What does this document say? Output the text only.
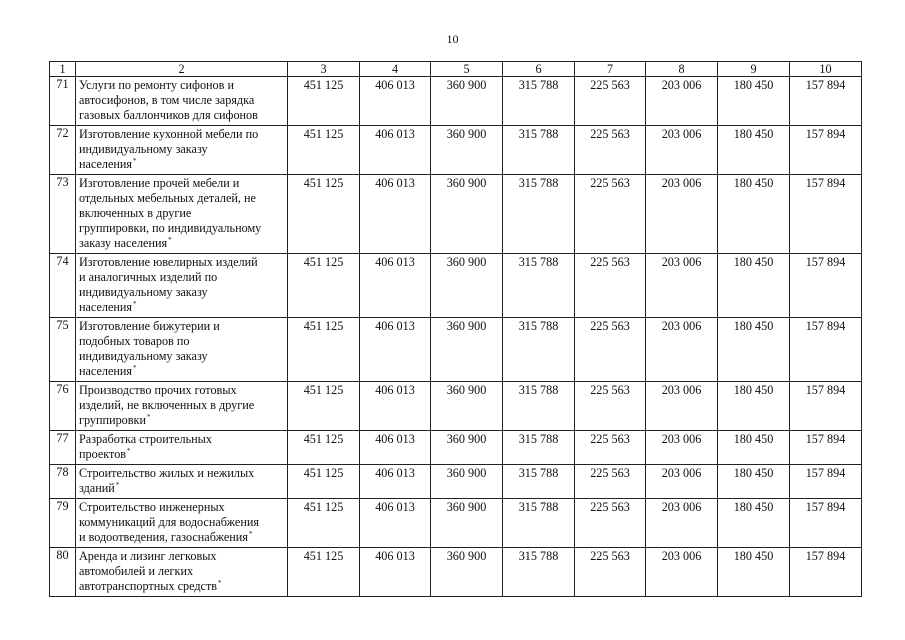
10
1	2	3	4	5	6	7	8	9	10
71	Услуги по ремонту сифонов и
автосифонов, в том числе зарядка
газовых баллончиков для сифонов	451 125	406 013	360 900	315 788	225 563	203 006	180 450	157 894
72	Изготовление кухонной мебели по
индивидуальному заказу
населения*	451 125	406 013	360 900	315 788	225 563	203 006	180 450	157 894
73	Изготовление прочей мебели и
отдельных мебельных деталей, не
включенных в другие
группировки, по индивидуальному
заказу населения*	451 125	406 013	360 900	315 788	225 563	203 006	180 450	157 894
74	Изготовление ювелирных изделий
и аналогичных изделий по
индивидуальному заказу
населения*	451 125	406 013	360 900	315 788	225 563	203 006	180 450	157 894
75	Изготовление бижутерии и
подобных товаров по
индивидуальному заказу
населения*	451 125	406 013	360 900	315 788	225 563	203 006	180 450	157 894
76	Производство прочих готовых
изделий, не включенных в другие
группировки*	451 125	406 013	360 900	315 788	225 563	203 006	180 450	157 894
77	Разработка строительных
проектов*	451 125	406 013	360 900	315 788	225 563	203 006	180 450	157 894
78	Строительство жилых и нежилых
зданий*	451 125	406 013	360 900	315 788	225 563	203 006	180 450	157 894
79	Строительство инженерных
коммуникаций для водоснабжения
и водоотведения, газоснабжения*	451 125	406 013	360 900	315 788	225 563	203 006	180 450	157 894
80	Аренда и лизинг легковых
автомобилей и легких
автотранспортных средств*	451 125	406 013	360 900	315 788	225 563	203 006	180 450	157 894
